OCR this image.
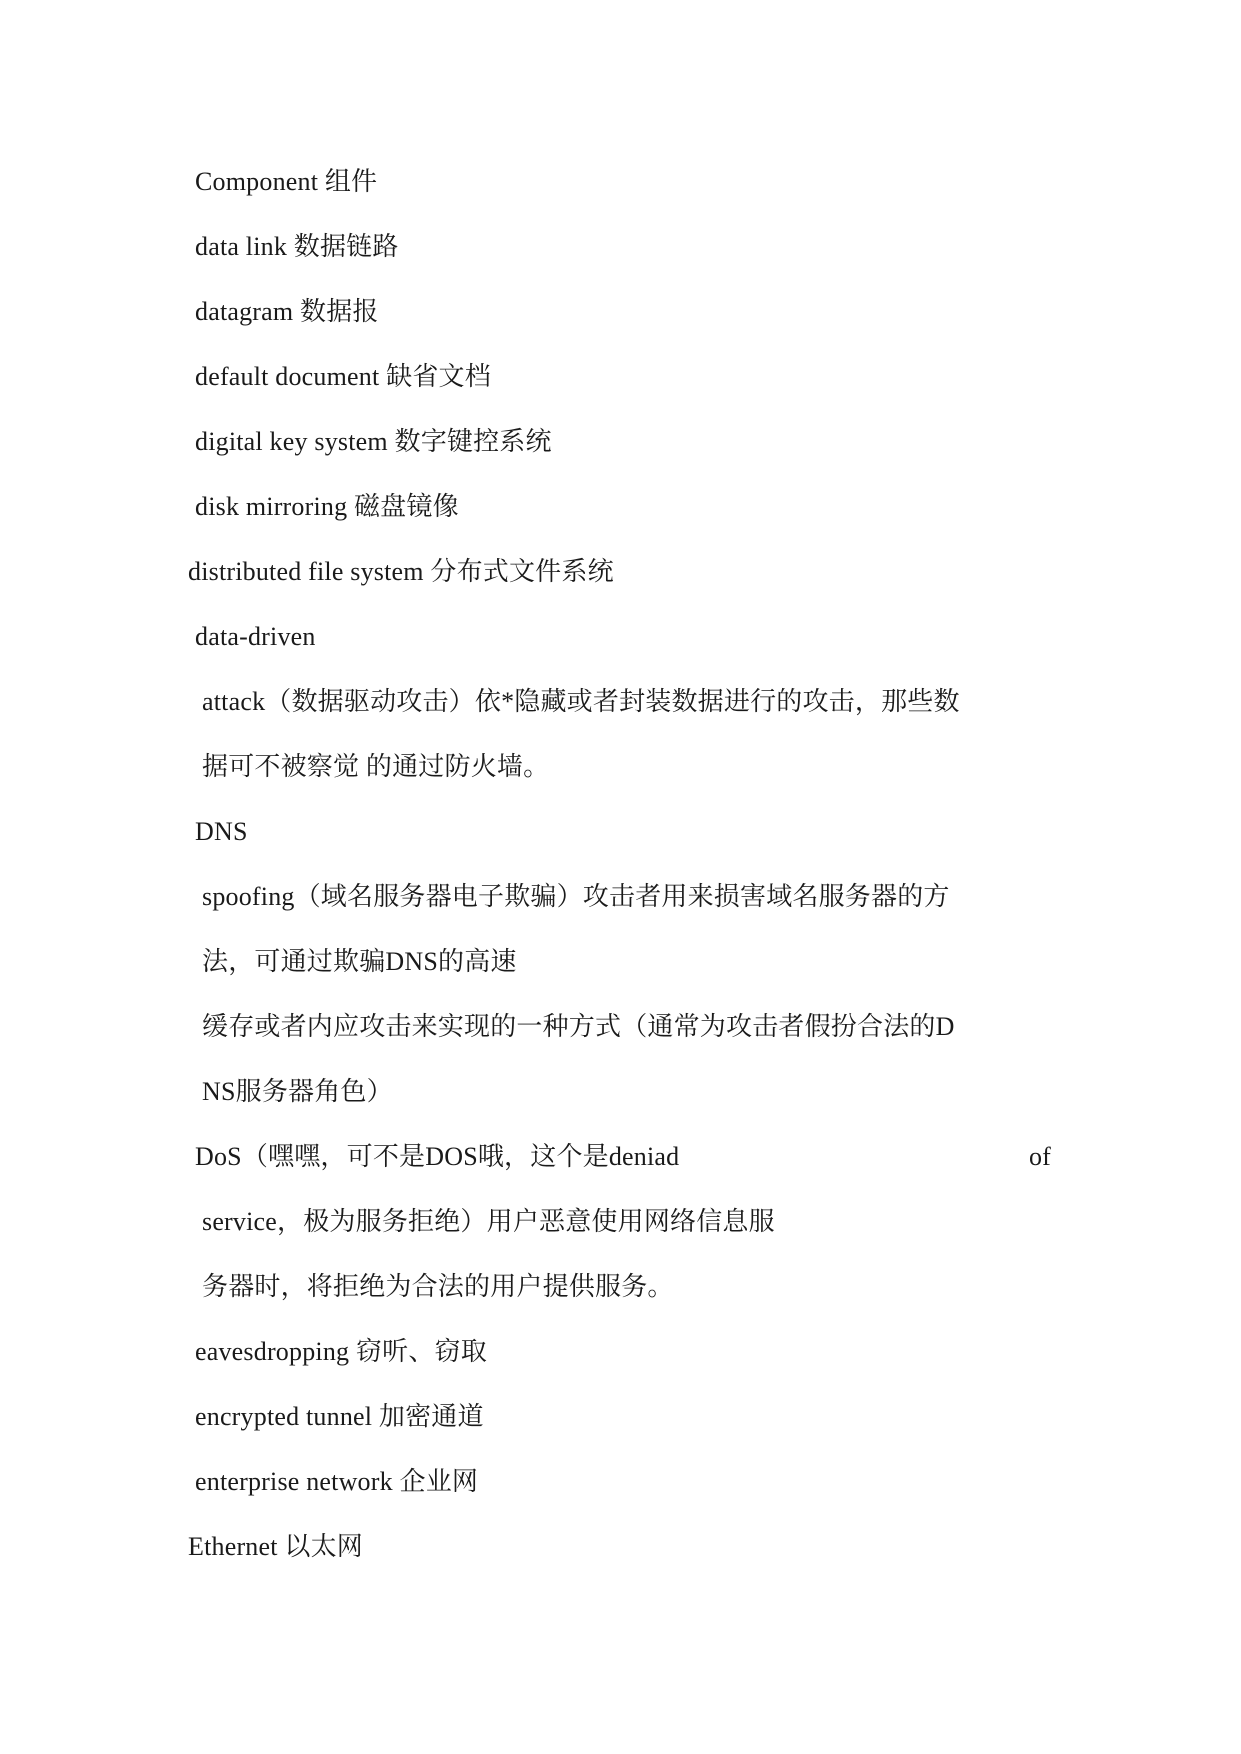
Component 组件
data link 数据链路
datagram 数据报
default document 缺省文档
digital key system 数字键控系统
disk mirroring 磁盘镜像
distributed file system 分布式文件系统
data-driven
attack（数据驱动攻击）依*隐藏或者封装数据进行的攻击，那些数
据可不被察觉 的通过防火墙。
DNS
spoofing（域名服务器电子欺骗）攻击者用来损害域名服务器的方
法，可通过欺骗DNS的高速
缓存或者内应攻击来实现的一种方式（通常为攻击者假扮合法的D
NS服务器角色）
DoS（嘿嘿，可不是DOS哦，这个是deniad	of
service，极为服务拒绝）用户恶意使用网络信息服
务器时，将拒绝为合法的用户提供服务。
eavesdropping 窃听、窃取
encrypted tunnel 加密通道
enterprise network 企业网
Ethernet 以太网
